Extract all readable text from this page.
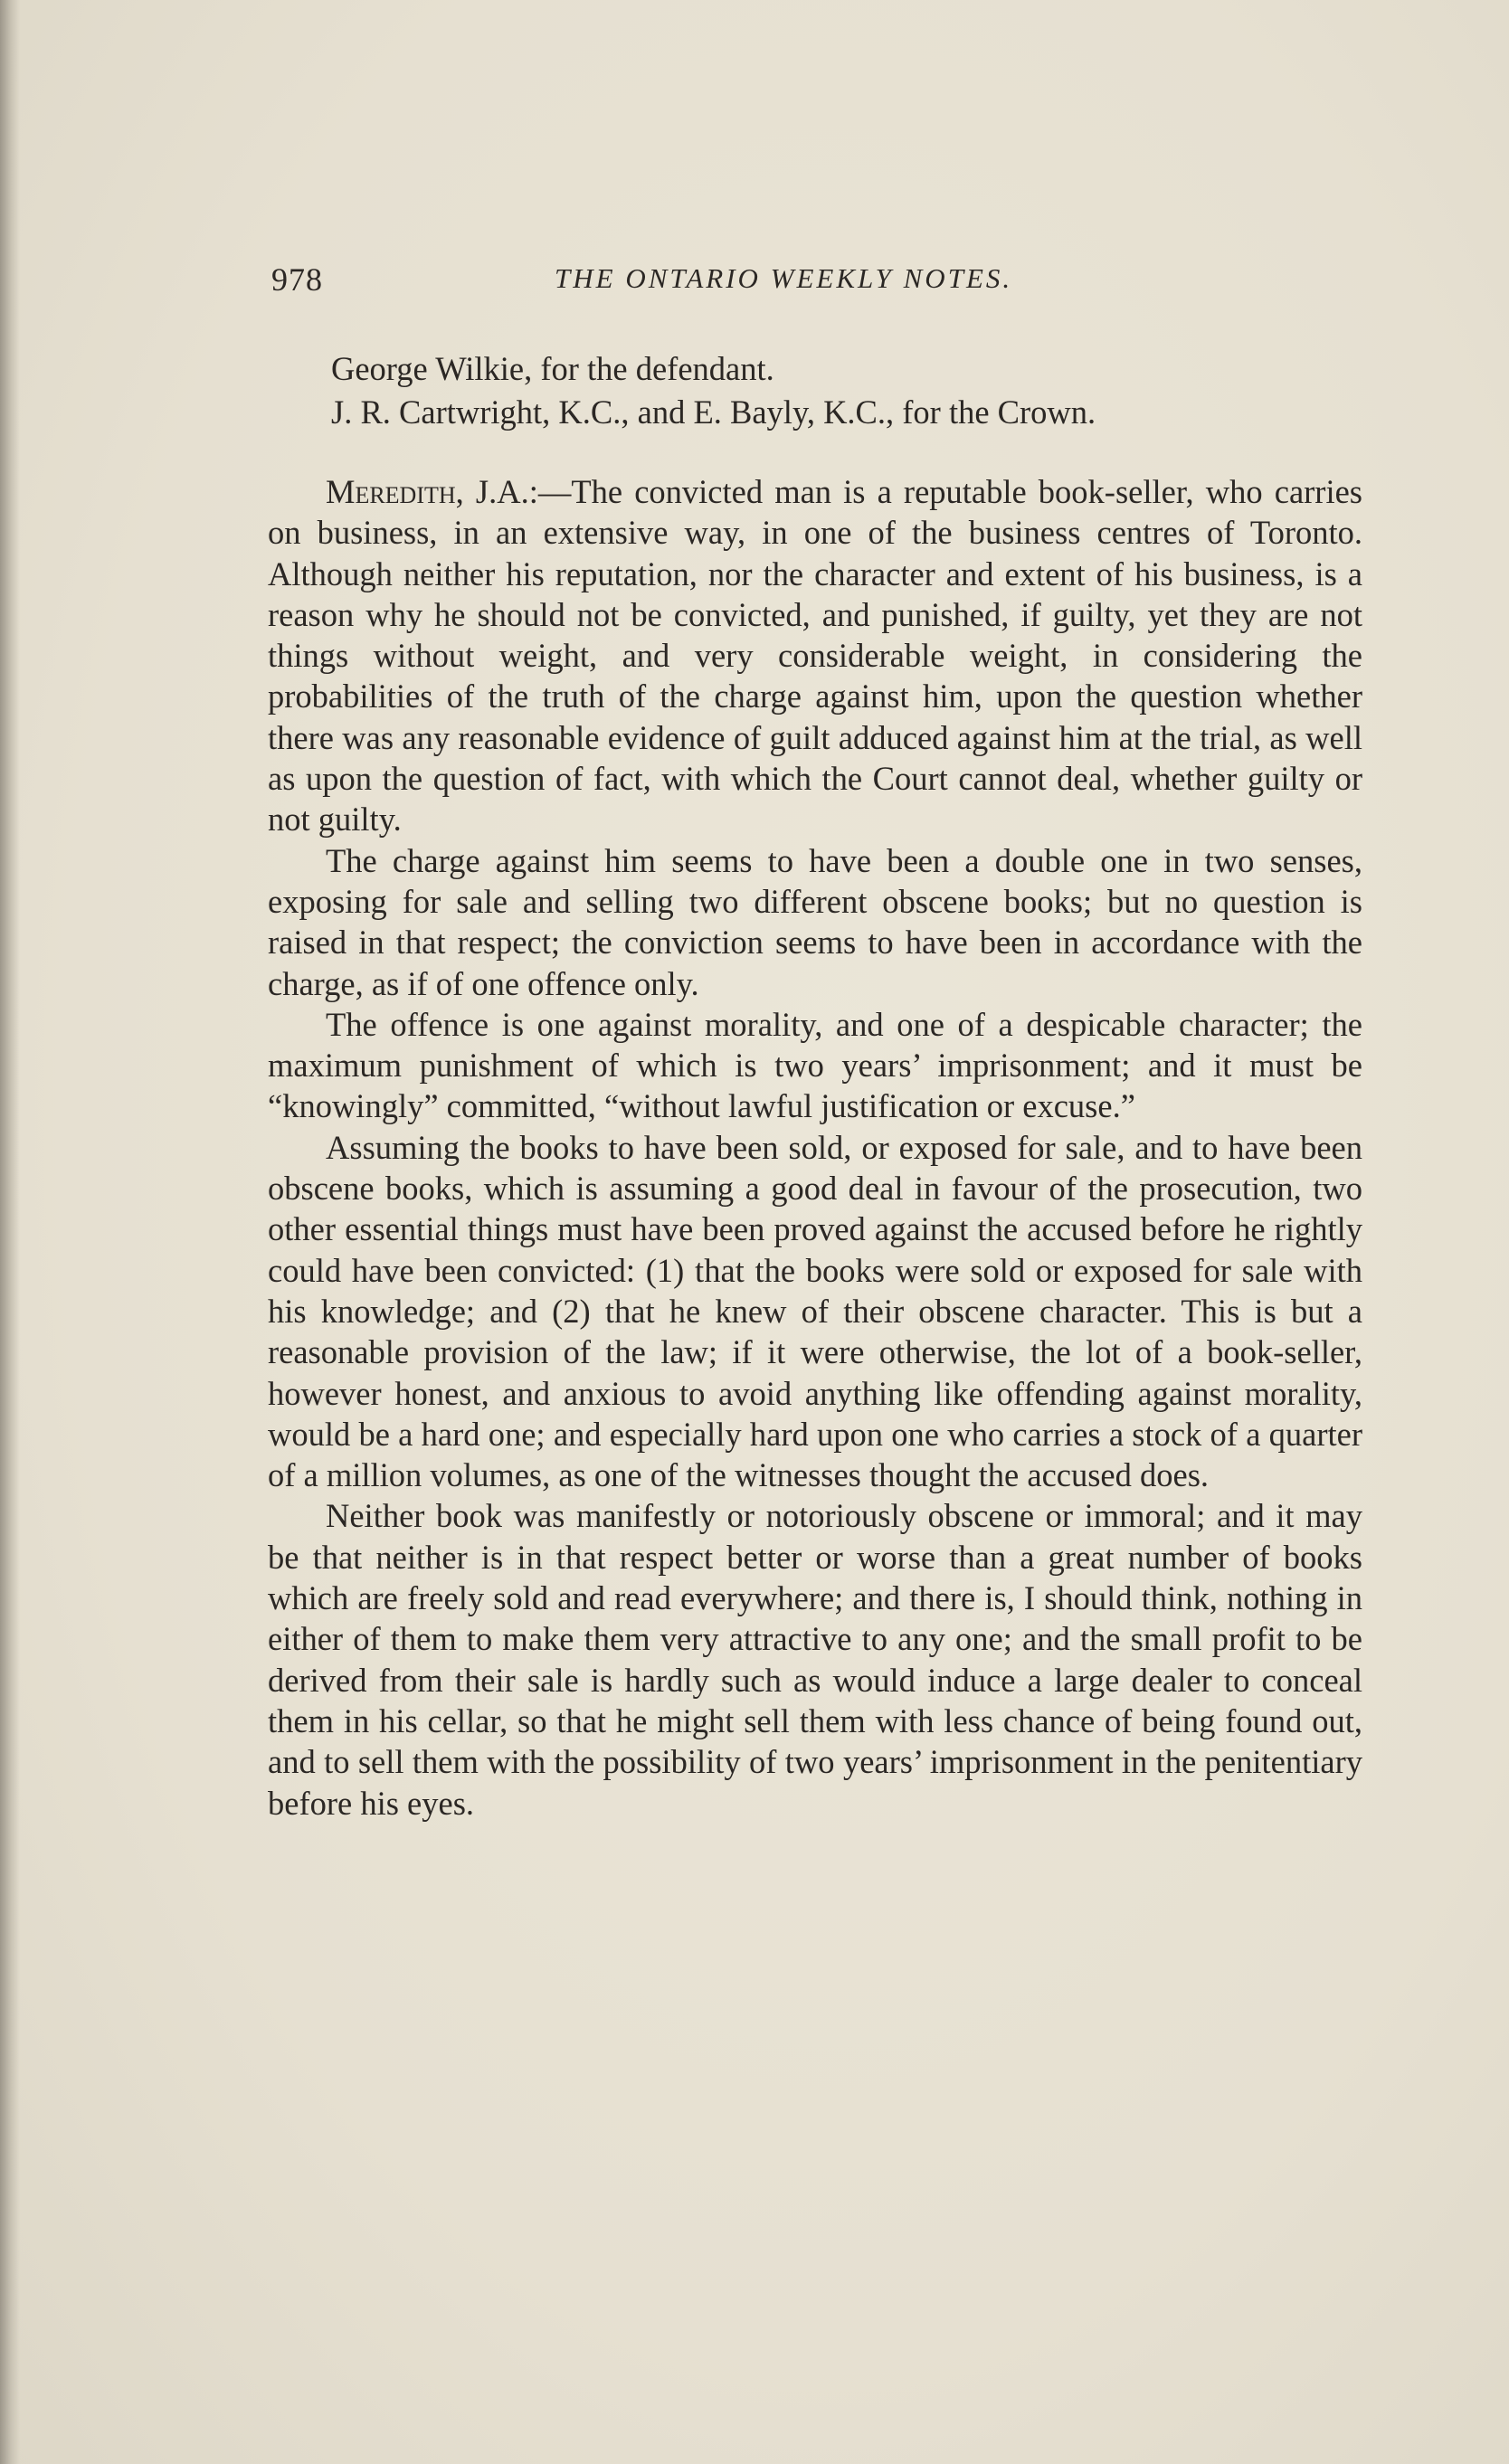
978	THE ONTARIO WEEKLY NOTES.
George Wilkie, for the defendant.
J. R. Cartwright, K.C., and E. Bayly, K.C., for the Crown.

Meredith, J.A.:—The convicted man is a reputable book-seller, who carries on business, in an extensive way, in one of the business centres of Toronto. Although neither his reputation, nor the character and extent of his business, is a reason why he should not be convicted, and punished, if guilty, yet they are not things without weight, and very considerable weight, in considering the probabilities of the truth of the charge against him, upon the question whether there was any reasonable evidence of guilt adduced against him at the trial, as well as upon the question of fact, with which the Court cannot deal, whether guilty or not guilty.

The charge against him seems to have been a double one in two senses, exposing for sale and selling two different obscene books; but no question is raised in that respect; the conviction seems to have been in accordance with the charge, as if of one offence only.

The offence is one against morality, and one of a despicable character; the maximum punishment of which is two years’ imprisonment; and it must be “knowingly” committed, “without lawful justification or excuse.”

Assuming the books to have been sold, or exposed for sale, and to have been obscene books, which is assuming a good deal in favour of the prosecution, two other essential things must have been proved against the accused before he rightly could have been convicted: (1) that the books were sold or exposed for sale with his knowledge; and (2) that he knew of their obscene character. This is but a reasonable provision of the law; if it were otherwise, the lot of a book-seller, however honest, and anxious to avoid anything like offending against morality, would be a hard one; and especially hard upon one who carries a stock of a quarter of a million volumes, as one of the witnesses thought the accused does.

Neither book was manifestly or notoriously obscene or immoral; and it may be that neither is in that respect better or worse than a great number of books which are freely sold and read everywhere; and there is, I should think, nothing in either of them to make them very attractive to any one; and the small profit to be derived from their sale is hardly such as would induce a large dealer to conceal them in his cellar, so that he might sell them with less chance of being found out, and to sell them with the possibility of two years’ imprisonment in the penitentiary before his eyes.
